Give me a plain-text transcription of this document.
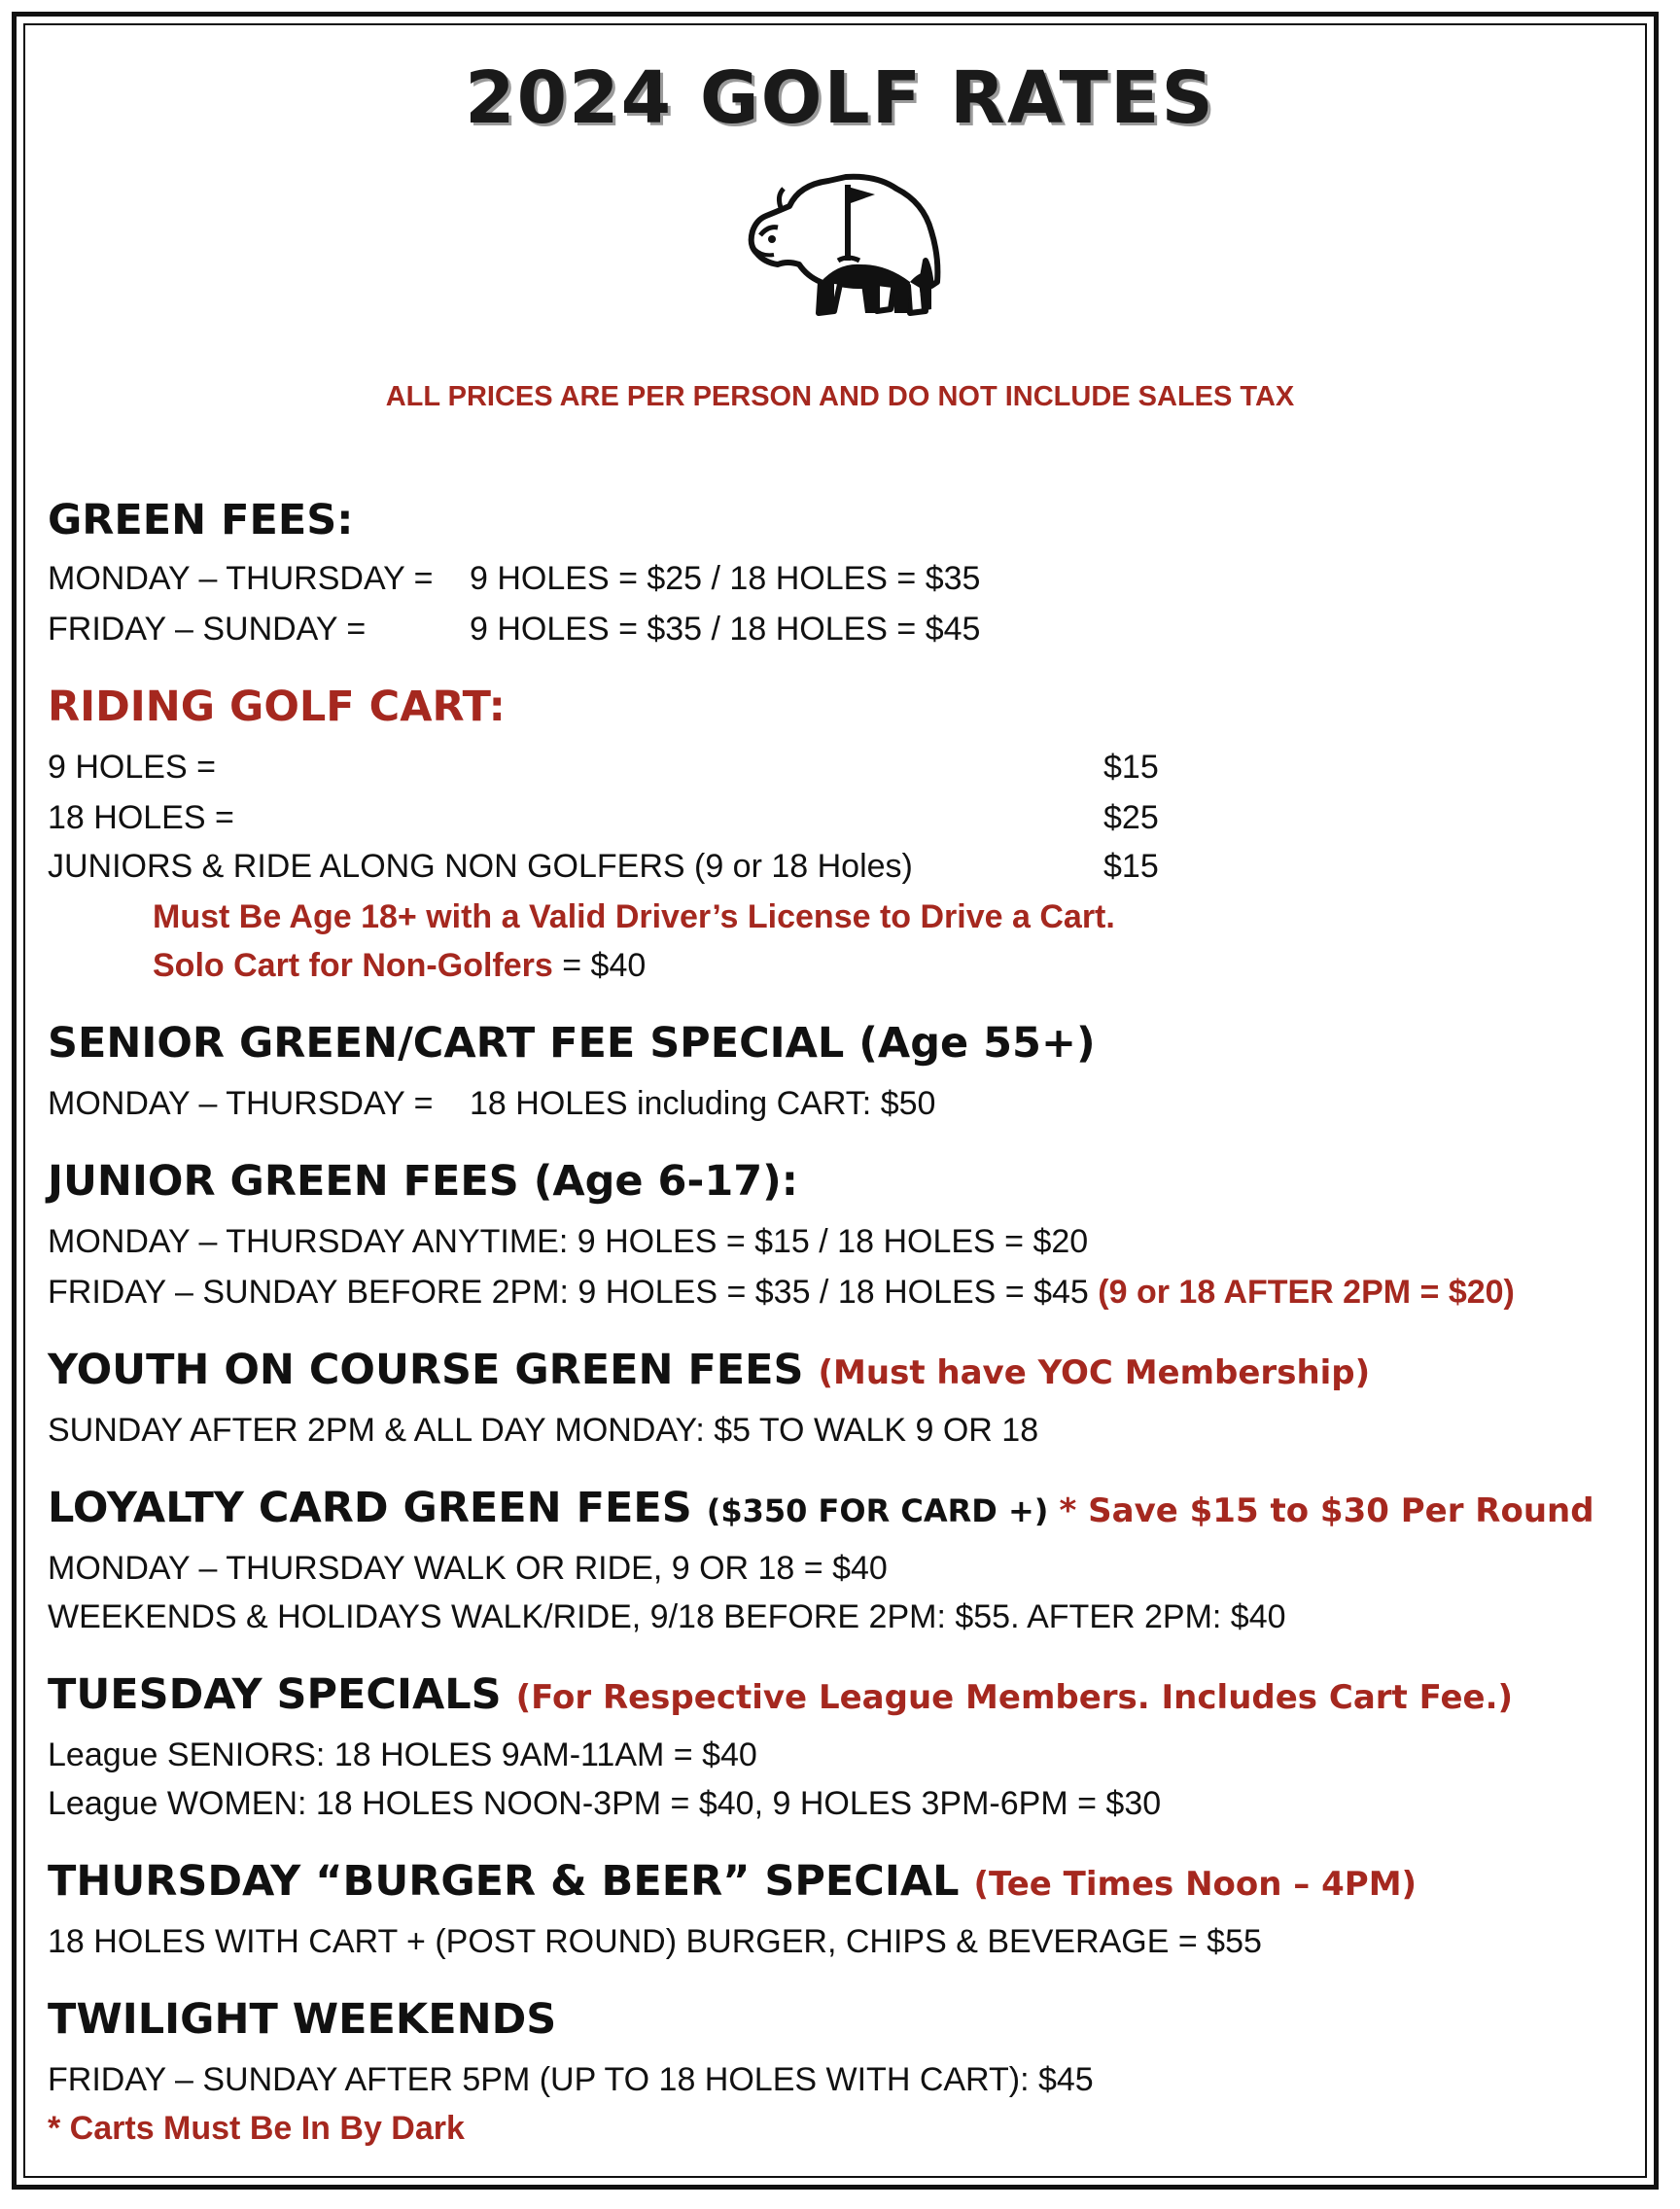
2024 GOLF RATES
ALL PRICES ARE PER PERSON AND DO NOT INCLUDE SALES TAX
GREEN FEES:
MONDAY – THURSDAY = 9 HOLES = $25 / 18 HOLES = $35
FRIDAY – SUNDAY =	9 HOLES = $35 / 18 HOLES = $45
RIDING GOLF CART:
9 HOLES =	$15
18 HOLES =	$25
JUNIORS & RIDE ALONG NON GOLFERS (9 or 18 Holes)	$15
Must Be Age 18+ with a Valid Driver’s License to Drive a Cart.
Solo Cart for Non-Golfers = $40
SENIOR GREEN/CART FEE SPECIAL (Age 55+)
MONDAY – THURSDAY = 18 HOLES including CART: $50
JUNIOR GREEN FEES (Age 6-17):
MONDAY – THURSDAY ANYTIME: 9 HOLES = $15 / 18 HOLES = $20
FRIDAY – SUNDAY BEFORE 2PM: 9 HOLES = $35 / 18 HOLES = $45 (9 or 18 AFTER 2PM = $20)
YOUTH ON COURSE GREEN FEES (Must have YOC Membership)
SUNDAY AFTER 2PM & ALL DAY MONDAY: $5 TO WALK 9 OR 18
LOYALTY CARD GREEN FEES ($350 FOR CARD +) * Save $15 to $30 Per Round
MONDAY – THURSDAY WALK OR RIDE, 9 OR 18 = $40
WEEKENDS & HOLIDAYS WALK/RIDE, 9/18 BEFORE 2PM: $55. AFTER 2PM: $40
TUESDAY SPECIALS (For Respective League Members. Includes Cart Fee.)
League SENIORS: 18 HOLES 9AM-11AM = $40
League WOMEN: 18 HOLES NOON-3PM = $40, 9 HOLES 3PM-6PM = $30
THURSDAY “BURGER & BEER” SPECIAL (Tee Times Noon – 4PM)
18 HOLES WITH CART + (POST ROUND) BURGER, CHIPS & BEVERAGE = $55
TWILIGHT WEEKENDS
FRIDAY – SUNDAY AFTER 5PM (UP TO 18 HOLES WITH CART): $45
* Carts Must Be In By Dark
